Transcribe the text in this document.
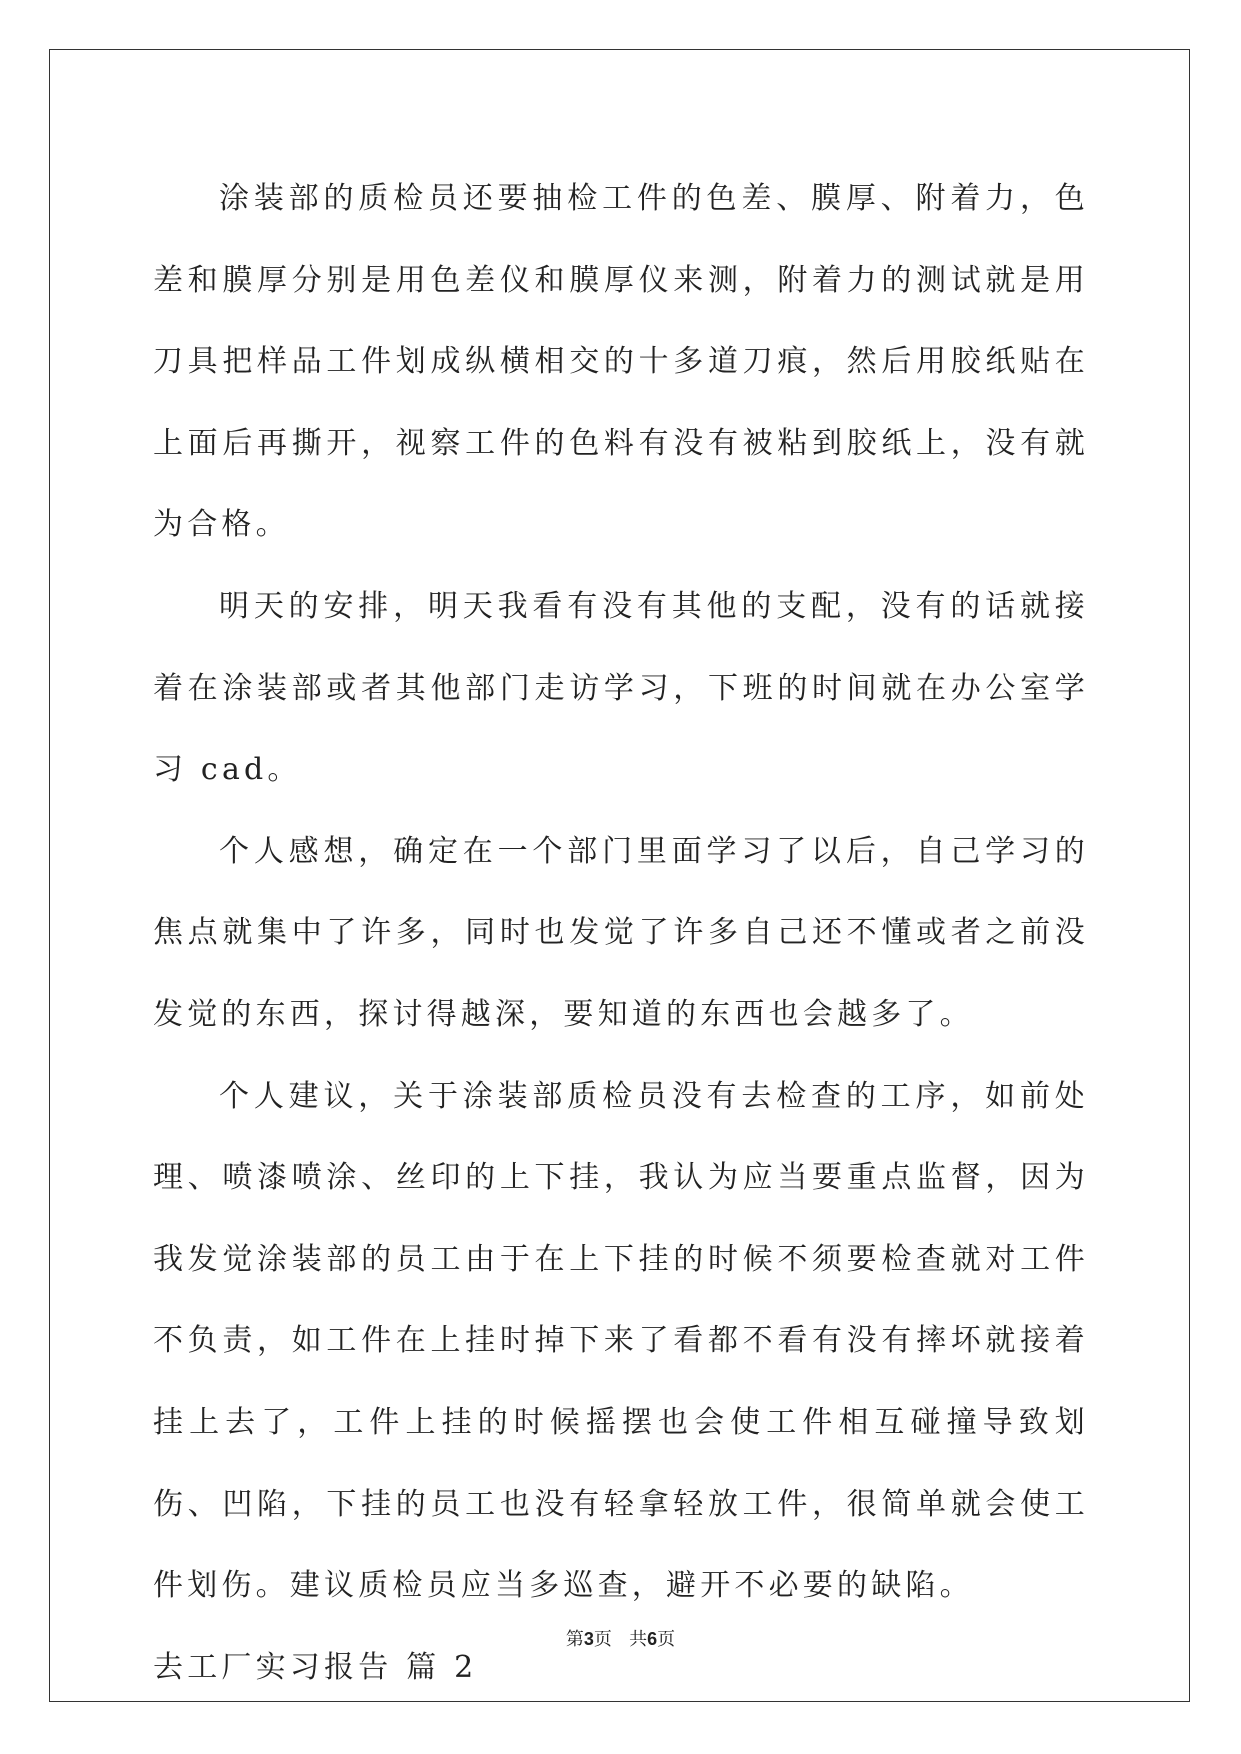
涂装部的质检员还要抽检工件的色差、膜厚、附着力，色差和膜厚分别是用色差仪和膜厚仪来测，附着力的测试就是用刀具把样品工件划成纵横相交的十多道刀痕，然后用胶纸贴在上面后再撕开，视察工件的色料有没有被粘到胶纸上，没有就为合格。

明天的安排，明天我看有没有其他的支配，没有的话就接着在涂装部或者其他部门走访学习，下班的时间就在办公室学习 cad。

个人感想，确定在一个部门里面学习了以后，自己学习的焦点就集中了许多，同时也发觉了许多自己还不懂或者之前没发觉的东西，探讨得越深，要知道的东西也会越多了。

个人建议，关于涂装部质检员没有去检查的工序，如前处理、喷漆喷涂、丝印的上下挂，我认为应当要重点监督，因为我发觉涂装部的员工由于在上下挂的时候不须要检查就对工件不负责，如工件在上挂时掉下来了看都不看有没有摔坏就接着挂上去了，工件上挂的时候摇摆也会使工件相互碰撞导致划伤、凹陷，下挂的员工也没有轻拿轻放工件，很简单就会使工件划伤。建议质检员应当多巡查，避开不必要的缺陷。

去工厂实习报告 篇 2

第3页   共6页
